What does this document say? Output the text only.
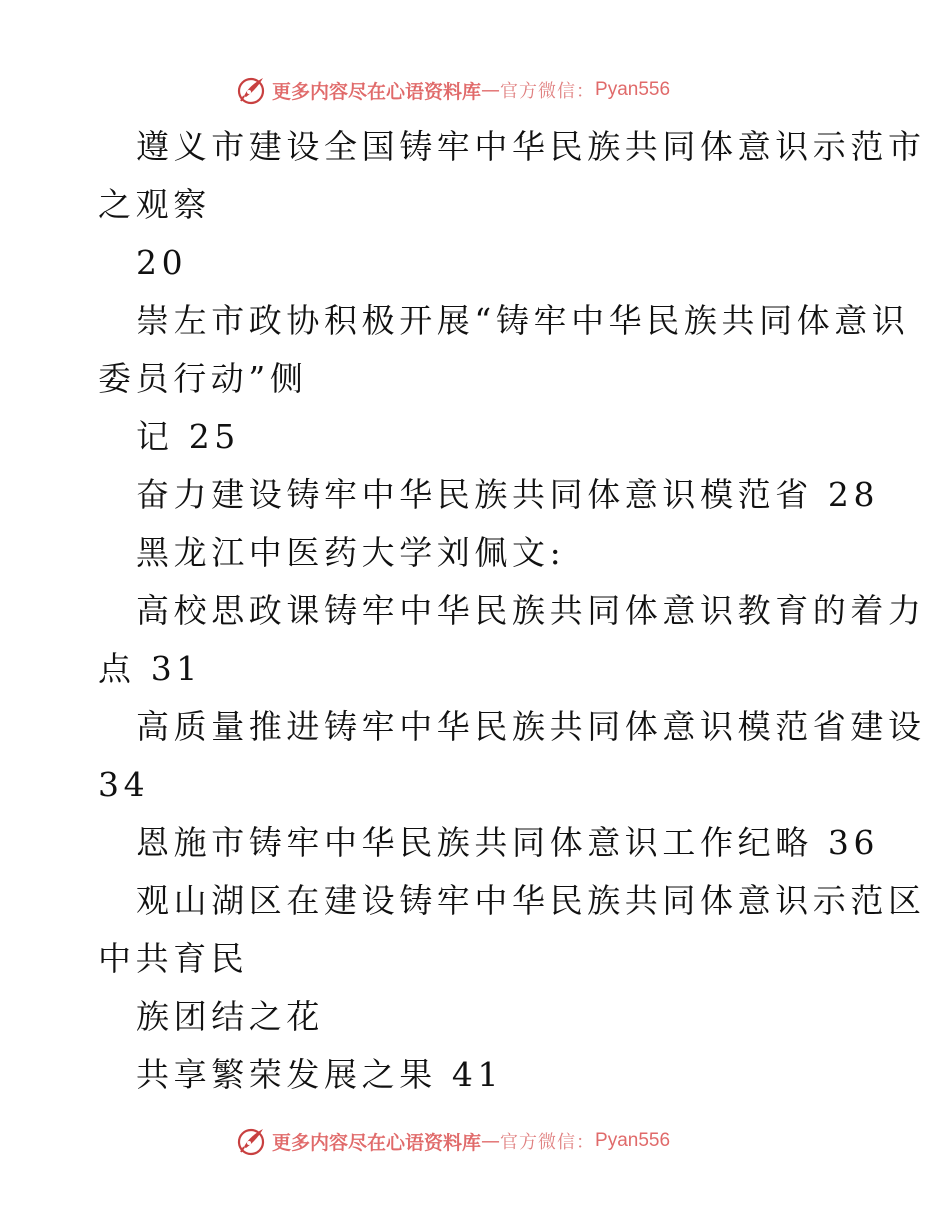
更多内容尽在心语资料库 — 官方微信： Pyan556
遵义市建设全国铸牢中华民族共同体意识示范市
之观察
20
崇左市政协积极开展“铸牢中华民族共同体意识
委员行动”侧
记 25
奋力建设铸牢中华民族共同体意识模范省 28
黑龙江中医药大学刘佩文:
高校思政课铸牢中华民族共同体意识教育的着力
点 31
高质量推进铸牢中华民族共同体意识模范省建设
34
恩施市铸牢中华民族共同体意识工作纪略 36
观山湖区在建设铸牢中华民族共同体意识示范区
中共育民
族团结之花
共享繁荣发展之果 41
更多内容尽在心语资料库 — 官方微信： Pyan556
